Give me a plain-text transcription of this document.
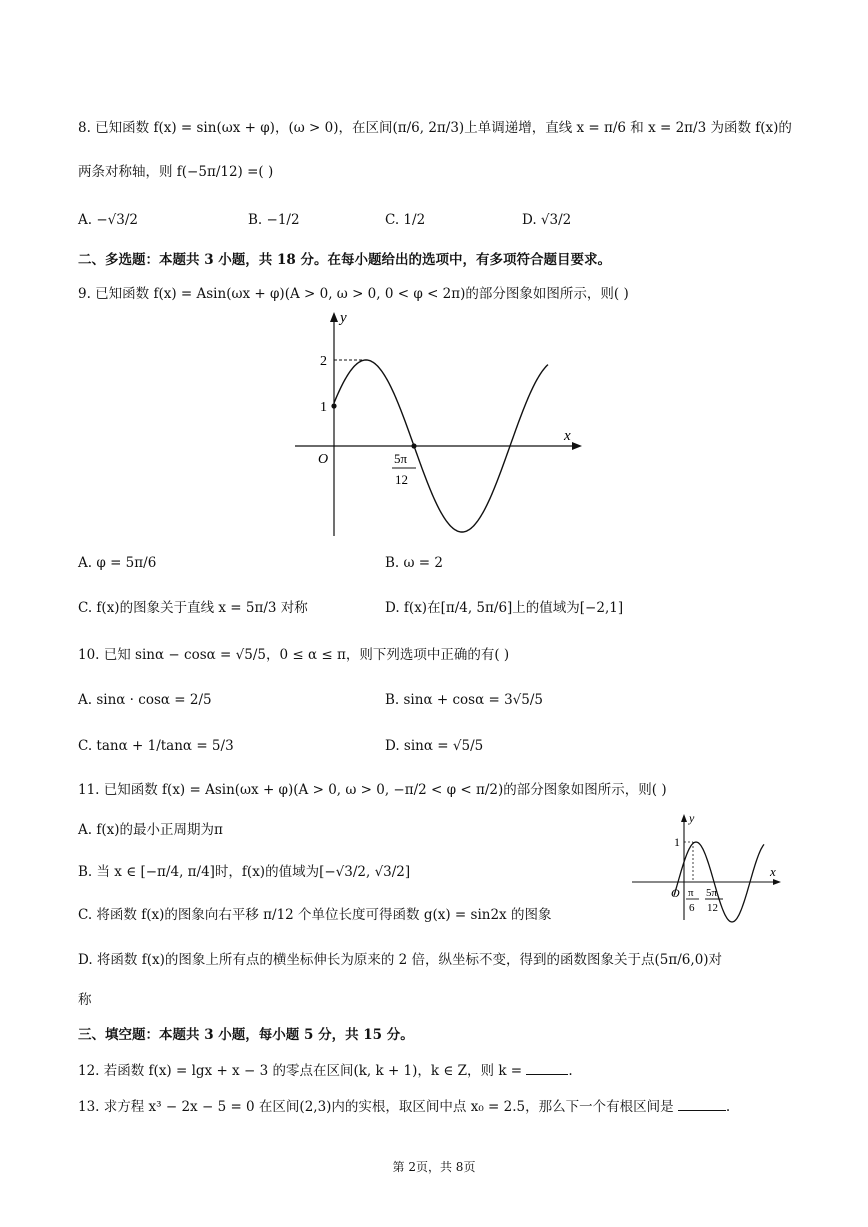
8. 已知函数 f(x) = sin(ωx + φ)，(ω > 0)，在区间(π/6, 2π/3)上单调递增，直线 x = π/6 和 x = 2π/3 为函数 f(x)的
两条对称轴，则 f(−5π/12) =( )
A. −√3/2	B. −1/2	C. 1/2	D. √3/2
二、多选题：本题共 3 小题，共 18 分。在每小题给出的选项中，有多项符合题目要求。
9. 已知函数 f(x) = Asin(ωx + φ)(A > 0, ω > 0, 0 < φ < 2π)的部分图象如图所示，则( )
y
x
O
2
1
5π
12
A. φ = 5π/6	B. ω = 2
C. f(x)的图象关于直线 x = 5π/3 对称	D. f(x)在[π/4, 5π/6]上的值域为[−2,1]
10. 已知 sinα − cosα = √5/5，0 ≤ α ≤ π，则下列选项中正确的有( )
A. sinα · cosα = 2/5	B. sinα + cosα = 3√5/5
C. tanα + 1/tanα = 5/3	D. sinα = √5/5
11. 已知函数 f(x) = Asin(ωx + φ)(A > 0, ω > 0, −π/2 < φ < π/2)的部分图象如图所示，则( )
A. f(x)的最小正周期为π
B. 当 x ∈ [−π/4, π/4]时，f(x)的值域为[−√3/2, √3/2]
C. 将函数 f(x)的图象向右平移 π/12 个单位长度可得函数 g(x) = sin2x 的图象
D. 将函数 f(x)的图象上所有点的横坐标伸长为原来的 2 倍，纵坐标不变，得到的函数图象关于点(5π/6,0)对
称
y
x
O
1
π
6
5π
12
三、填空题：本题共 3 小题，每小题 5 分，共 15 分。
12. 若函数 f(x) = lgx + x − 3 的零点在区间(k, k + 1)，k ∈ Z，则 k =	.
13. 求方程 x³ − 2x − 5 = 0 在区间(2,3)内的实根，取区间中点 x₀ = 2.5，那么下一个有根区间是	.
第 2页，共 8页
